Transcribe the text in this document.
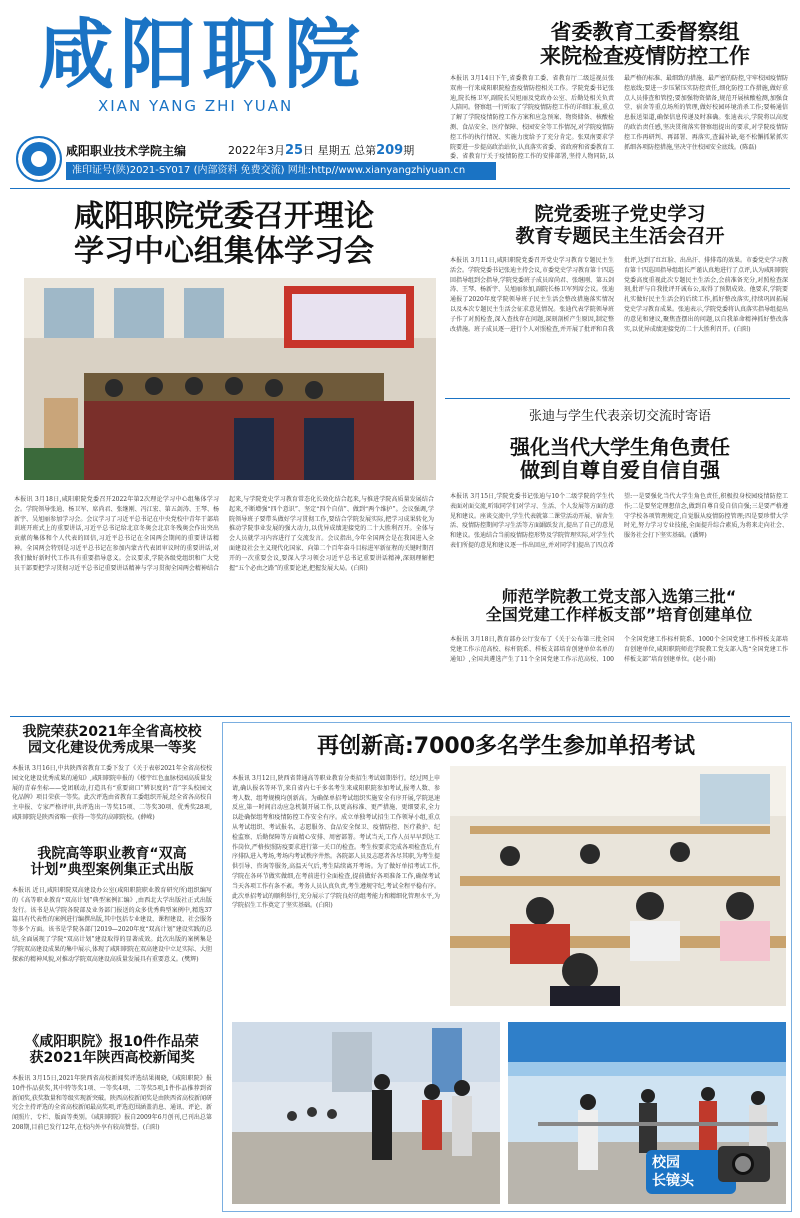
咸阳职院
XIAN YANG ZHI YUAN
咸阳职业技术学院主编	2022年3月25日 星期五 总第209期
准印证号(陕)2021-SY017 (内部资料 免费交流) 网址:http//www.xianyangzhiyuan.cn
省委教育工委督察组
来院检查疫情防控工作
本报讯 3月14日下午,省委教育工委、省教育厅二级巡视员张双南一行来咸阳职院检查疫情防控相关工作。学院党委书记张迪,院长杨卫军,副院长吴旭丽及党政办公室、后勤处相关负责人陪同。督察组一行听取了学院疫情防控工作的详细汇报,重点了解了学院疫情防控工作方案和应急预案、物资储备、核酸检测、食品安全、医疗保障、校园安全等工作情况,对学院疫情防控工作的执行情况、实施力度给予了充分肯定。张双南要求学院要进一步提高政治站位,认真落实省委、省政府和省委教育工委、省教育厅关于疫情防控工作的安排部署,坚持人物同防,以最严格的标准、最细致的措施、最严密的防控,守牢校园疫情防控底线;要进一步压紧压实防控责任,细化防控工作措施,做好重点人员排查和管控;要加强物资储备,规范开展核酸检测,加强食堂、宿舍等重点场所的管理,做好校园环境消杀工作;要畅通信息报送渠道,确保信息传递及时准确。张迪表示,学院将以高度的政治责任感,坚决贯彻落实督察组提出的要求,对学院疫情防控工作再研判、再部署、再落实,查漏补缺,毫不松懈抓紧抓实抓细各项防控措施,坚决守住校园安全底线。(陈磊)
咸阳职院党委召开理论
学习中心组集体学习会
本报讯 3月18日,咸阳职院党委召开2022年第2次理论学习中心组集体学习会。学院领导张迪、杨卫军、席尚君、张继刚、冯江宏、第五剑涛、王琴、杨新宇、吴旭丽参加学习会。会议学习了习近平总书记在中央党校中青年干部培训班开班式上的重要讲话,习近平总书记给北京冬奥会北京冬残奥会作出突出贡献的集体和个人代表的回信,习近平总书记在全国两会期间的重要讲话精神。全国两会特别是习近平总书记在参加内蒙古代表团审议时的重要讲话,对我们做好新时代工作具有重要指导意义。会议要求,学院各级党组织和广大党员干部要把学习贯彻习近平总书记重要讲话精神与学习贯彻全国两会精神结合起来,与学院党史学习教育常态化长效化结合起来,与推进学院高质量发展结合起来,不断增强“四个意识”、坚定“四个自信”、做到“两个维护”。会议强调,学院领导班子要带头做好学习贯彻工作,要结合学院发展实际,把学习成果转化为推动学院事业发展的强大动力,以优异成绩迎接党的二十大胜利召开。全体与会人员就学习内容进行了交流发言。会议指出,今年全国两会是在我国进入全面建设社会主义现代化国家、向第二个百年奋斗目标进军新征程的关键时期召开的一次重要会议,要深入学习领会习近平总书记重要讲话精神,深刻理解把握“五个必由之路”的重要论述,把握发展大局。(白阳)
院党委班子党史学习
教育专题民主生活会召开
本报讯 3月11日,咸阳职院党委召开党史学习教育专题民主生活会。学院党委书记张迪主持会议,市委党史学习教育第十四巡回指导组到会指导,学院党委班子成员席尚君、张继刚、第五剑涛、王琴、杨新宇、吴旭丽参加,副院长杨卫军列席会议。张迪通报了2020年度学院领导班子民主生活会整改措施落实情况以及本次专题民主生活会征求意见情况。张迪代表学院领导班子作了对照检查,深入查找存在问题,深刻剖析产生原因,制定整改措施。班子成员逐一进行个人对照检查,并开展了批评和自我批评,达到了红红脸、出出汗、排排毒的效果。市委党史学习教育第十四巡回指导组组长严谨认真地进行了点评,认为咸阳职院党委高度重视此次专题民主生活会,会前准备充分,对照检查深刻,批评与自我批评开诚布公,取得了预期成效。他要求,学院要扎实做好民主生活会的后续工作,抓好整改落实,持续巩固拓展党史学习教育成果。张迪表示,学院党委将认真落实指导组提出的意见和建议,聚焦查摆出的问题,以自我革命精神抓好整改落实,以优异成绩迎接党的二十大胜利召开。(白阳)
张迪与学生代表亲切交流时寄语
强化当代大学生角色责任
做到自尊自爱自信自强
本报讯 3月15日,学院党委书记张迪与10个二级学院的学生代表面对面交流,听取同学们对学习、生活、个人发展等方面的意见和建议。座谈交流中,学生代表就第二课堂活动开展、宿舍生活、疫情防控期间学习生活等方面踊跃发言,提出了自己的意见和建议。张迪结合当前疫情防控形势及学院管理实际,对学生代表们所提的意见和建议逐一作出回应,并对同学们提出了四点希望:一是要强化当代大学生角色责任,积极投身校园疫情防控工作;二是要坚定理想信念,做到自尊自爱自信自强;三是要严格遵守学校各项管理规定,自觉服从疫情防控管理;四是要珍惜大学时光,努力学习专业技能,全面提升综合素质,为将来走向社会、服务社会打下坚实基础。(潘辉)
师范学院教工党支部入选第三批“
全国党建工作样板支部”培育创建单位
本报讯 3月18日,教育部办公厅发布了《关于公布第三批全国党建工作示范高校、标杆院系、样板支部培育创建单位名单的通知》,全国共遴选产生了11个全国党建工作示范高校、100个全国党建工作标杆院系、1000个全国党建工作样板支部培育创建单位,咸阳职院师范学院教工党支部入选“全国党建工作样板支部”培育创建单位。(赵小雨)
我院荣获2021年全省高校校
园文化建设优秀成果一等奖
本报讯 3月16日,中共陕西省教育工委下发了《关于表彰2021年全省高校校园文化建设优秀成果的通知》,咸阳职院申报的《楼宇红色血脉校园高质量发展的青春坐标——党团联动,打造具有“重要窗口”辨识度的“青”字头校园文化品牌》项目荣获一等奖。此次评选由省教育工委组织开展,经全省各高校自主申报、专家严格评审,共评选出一等奖15项、二等奖30项、优秀奖28项,咸阳职院是陕西省唯一获得一等奖的高职院校。(薛嵘)
我院高等职业教育“双高
计划”典型案例集正式出版
本报讯 近日,咸阳职院双高建设办公室(咸阳职院职业教育研究所)组织编写的《高等职业教育“双高计划”典型案例汇编》,由西北大学出版社正式出版发行。该书是从学院各院部及业务部门报送的众多优秀典型案例中,精选37篇具有代表性的案例进行编撰出版,其中包括专业建设、课程建设、社会服务等多个方面。该书是学院各部门2019—2020年度“双高计划”建设实践的总结,全面展现了学院“双高计划”建设取得的显著成效。此次出版的案例集是学院双高建设成果的集中展示,体现了咸阳职院在双高建设中立足实际、大胆探索的精神风貌,对推动学院双高建设高质量发展具有重要意义。(樊辉)
《咸阳职院》报10件作品荣
获2021年陕西高校新闻奖
本报讯 3月15日,2021年陕西省高校新闻奖评选结果揭晓,《咸阳职院》报10件作品获奖,其中特等奖1项、一等奖4项、二等奖5项,1件作品推荐到省新闻奖,获奖数量和等级实现新突破。陕西高校新闻奖是由陕西省高校新闻研究会主持评选的全省高校新闻最高奖项,评选范围涵盖消息、通讯、评论、新闻照片、专栏、版面等类别。《咸阳职院》报自2009年6月创刊,已刊出总第208期,目前已发行12年,在校内外享有较高赞誉。(白阳)
再创新高:7000多名学生参加单招考试
本报讯 3月12日,陕西省普通高等职业教育分类招生考试如期举行。经过网上申请,确认报名等环节,来自省内七千多名考生来咸阳职院参加考试,报考人数、参考人数、组考规模均创新高。为确保单招考试组织实施安全有序开展,学院迅速反应,第一时间启动应急机制开展工作,以更高标准、更严措施、更细要求,全力以赴确保组考和疫情防控工作安全有序。成立单独考试招生工作领导小组,重点从考试组织、考试报名、志愿服务、食品安全保卫、疫情防控、医疗救护、纪检监察、后勤保障等方面精心安排、周密部署。考试当天,工作人员早早到达工作岗位,严格按照防疫要求进行第一关口的检查。考生按要求完成各项检查后,有序排队进入考场,考场内考试秩序井然。各院部人员及志愿者各尽其职,为考生提供引导、咨询等服务,高温天气后,考生陆续离开考场。为了做好单招考试工作,学院在各环节做实做细,在考前进行全面检查,提前做好各项准备工作,确保考试当天各项工作有条不紊。考务人员认真负责,考生遵规守纪,考试全程平稳有序。此次单招考试的顺利举行,充分展示了学院良好的组考能力和精细化管理水平,为学院招生工作奠定了坚实基础。(白阳)
校园
长镜头
